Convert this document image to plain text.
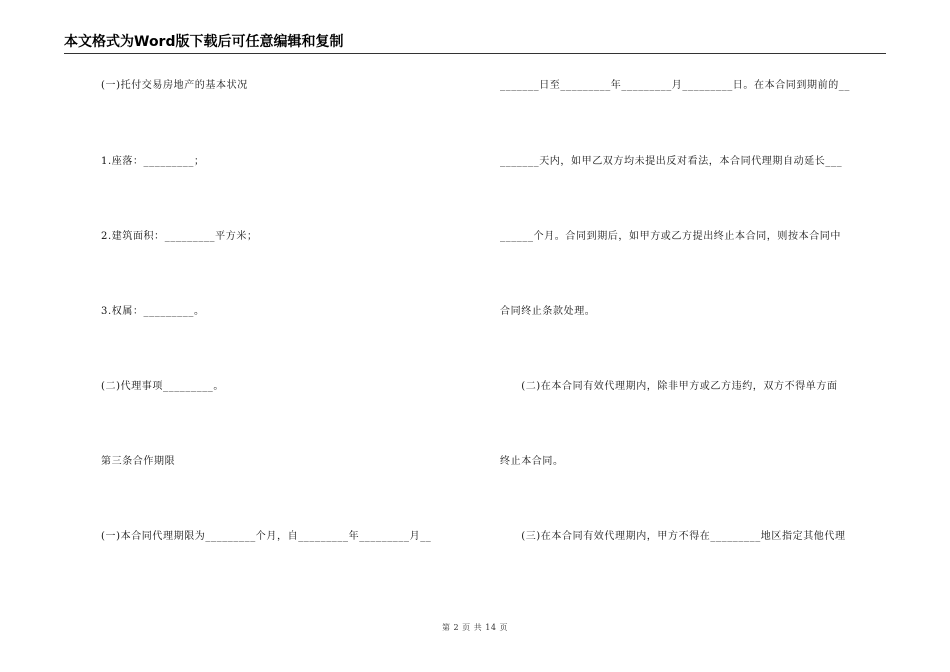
本文格式为Word版下载后可任意编辑和复制
(一)托付交易房地产的基本状况
1.座落：_________；
2.建筑面积：_________平方米；
3.权属：_________。
(二)代理事项_________。
第三条合作期限
(一)本合同代理期限为_________个月，自_________年_________月__
_______日至_________年_________月_________日。在本合同到期前的__
_______天内，如甲乙双方均未提出反对看法，本合同代理期自动延长___
______个月。合同到期后，如甲方或乙方提出终止本合同，则按本合同中
合同终止条款处理。
　　(二)在本合同有效代理期内，除非甲方或乙方违约，双方不得单方面
终止本合同。
　　(三)在本合同有效代理期内，甲方不得在_________地区指定其他代理
第 2 页 共 14 页
